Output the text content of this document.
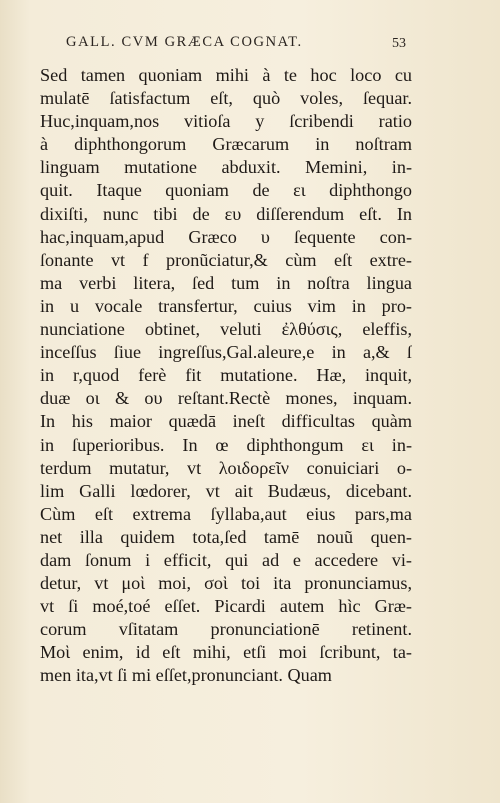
GALL. CVM GRÆCA COGNAT.	53
Sed tamen quoniam mihi à te hoc loco cu
mulatē ſatisfactum eſt, quò voles, ſequar.
Huc,inquam,nos vitioſa y ſcribendi ratio
à diphthongorum Græcarum in noſtram
linguam mutatione abduxit. Memini, in-
quit. Itaque quoniam de ει diphthongo
dixiſti, nunc tibi de ευ diſſerendum eſt. In
hac,inquam,apud Græco υ ſequente con-
ſonante vt f pronũciatur,& cùm eſt extre-
ma verbi litera, ſed tum in noſtra lingua
in u vocale transfertur, cuius vim in pro-
nunciatione obtinet, veluti ἐλθύσις, eleffis,
inceſſus ſiue ingreſſus,Gal.aleure,e in a,& ſ
in r,quod ferè fit mutatione. Hæ, inquit,
duæ οι & ου reſtant.Rectè mones, inquam.
In his maior quædā ineſt difficultas quàm
in ſuperioribus. In œ diphthongum ει in-
terdum mutatur, vt λοιδορεῖν conuiciari o-
lim Galli lœdorer, vt ait Budæus, dicebant.
Cùm eſt extrema ſyllaba,aut eius pars,ma
net illa quidem tota,ſed tamē nouũ quen-
dam ſonum i efficit, qui ad e accedere vi-
detur, vt μοὶ moi, σοὶ toi ita pronunciamus,
vt ſi moé,toé eſſet. Picardi autem hìc Græ-
corum vſitatam pronunciationē retinent.
Μοὶ enim, id eſt mihi, etſi moi ſcribunt, ta-
men ita,vt ſi mi eſſet,pronunciant. Quam
